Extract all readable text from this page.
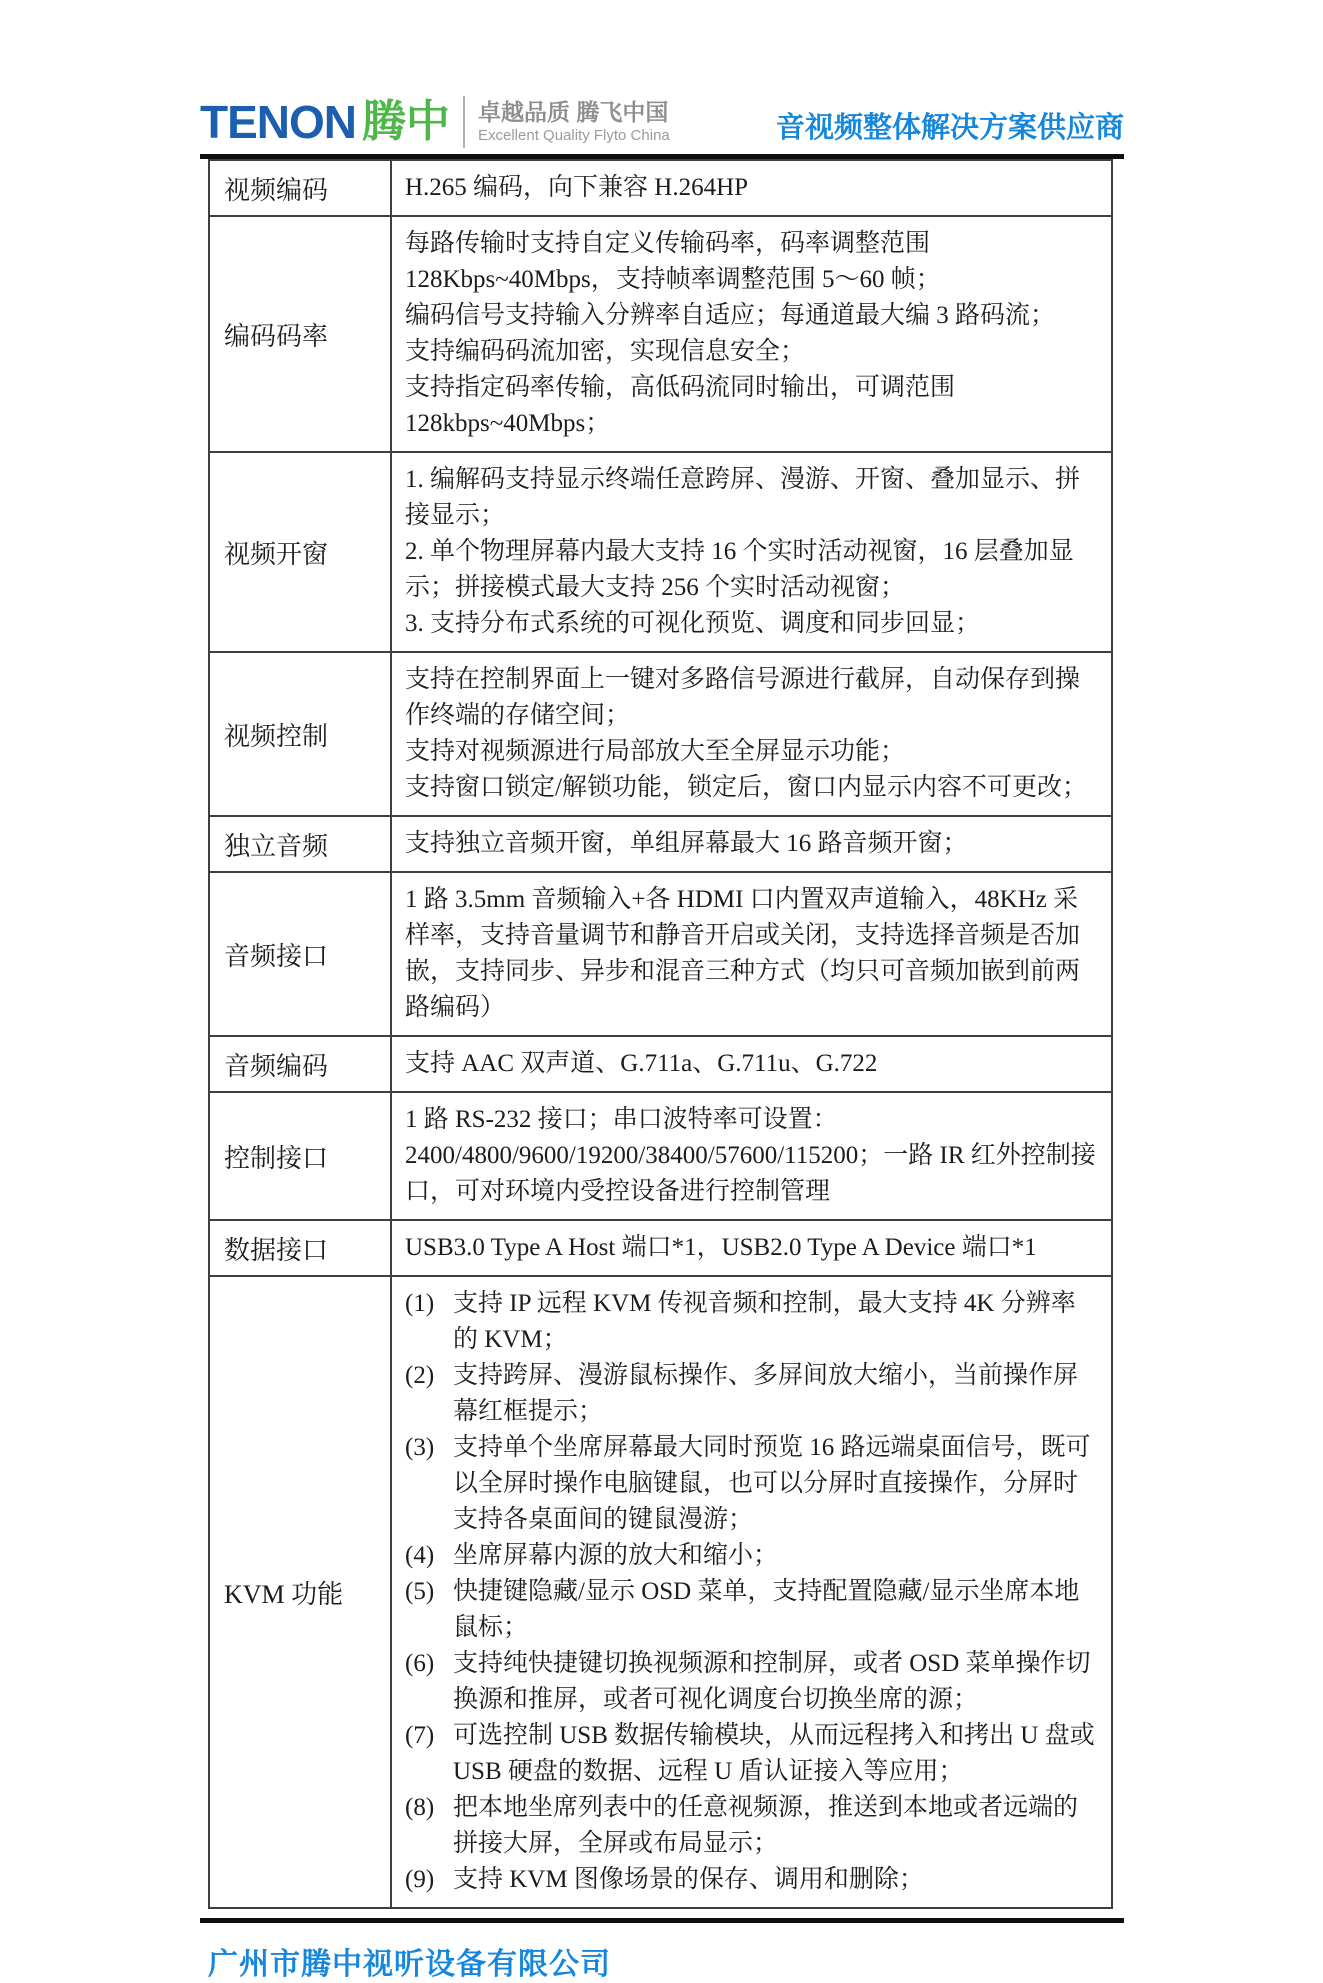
TENON 腾中 卓越品质 腾飞中国
Excellent Quality Flyto China	音视频整体解决方案供应商
视频编码	H.265 编码，向下兼容 H.264HP

编码码率	每路传输时支持自定义传输码率，码率调整范围 128Kbps~40Mbps，支持帧率调整范围 5～60 帧；

编码信号支持输入分辨率自适应；每通道最大编 3 路码流；

支持编码码流加密，实现信息安全；

支持指定码率传输，高低码流同时输出，可调范围 128kbps~40Mbps；

视频开窗	1. 编解码支持显示终端任意跨屏、漫游、开窗、叠加显示、拼接显示；

2. 单个物理屏幕内最大支持 16 个实时活动视窗，16 层叠加显示；拼接模式最大支持 256 个实时活动视窗；

3. 支持分布式系统的可视化预览、调度和同步回显；

视频控制	支持在控制界面上一键对多路信号源进行截屏，自动保存到操作终端的存储空间；

支持对视频源进行局部放大至全屏显示功能；

支持窗口锁定/解锁功能，锁定后，窗口内显示内容不可更改；

独立音频	支持独立音频开窗，单组屏幕最大 16 路音频开窗；

音频接口	1 路 3.5mm 音频输入+各 HDMI 口内置双声道输入，48KHz 采样率，支持音量调节和静音开启或关闭，支持选择音频是否加嵌，支持同步、异步和混音三种方式（均只可音频加嵌到前两路编码）

音频编码	支持 AAC 双声道、G.711a、G.711u、G.722

控制接口	1 路 RS-232 接口；串口波特率可设置：

2400/4800/9600/19200/38400/57600/115200；一路 IR 红外控制接口，可对环境内受控设备进行控制管理

数据接口	USB3.0 Type A Host 端口*1，USB2.0 Type A Device 端口*1

KVM 功能	
(1) 支持 IP 远程 KVM 传视音频和控制，最大支持 4K 分辨率的 KVM；
(2) 支持跨屏、漫游鼠标操作、多屏间放大缩小，当前操作屏幕红框提示；
(3) 支持单个坐席屏幕最大同时预览 16 路远端桌面信号，既可以全屏时操作电脑键鼠，也可以分屏时直接操作，分屏时支持各桌面间的键鼠漫游；
(4) 坐席屏幕内源的放大和缩小；
(5) 快捷键隐藏/显示 OSD 菜单，支持配置隐藏/显示坐席本地鼠标；
(6) 支持纯快捷键切换视频源和控制屏，或者 OSD 菜单操作切换源和推屏，或者可视化调度台切换坐席的源；
(7) 可选控制 USB 数据传输模块，从而远程拷入和拷出 U 盘或 USB 硬盘的数据、远程 U 盾认证接入等应用；
(8) 把本地坐席列表中的任意视频源，推送到本地或者远端的拼接大屏，全屏或布局显示；
(9) 支持 KVM 图像场景的保存、调用和删除；
广州市腾中视听设备有限公司
